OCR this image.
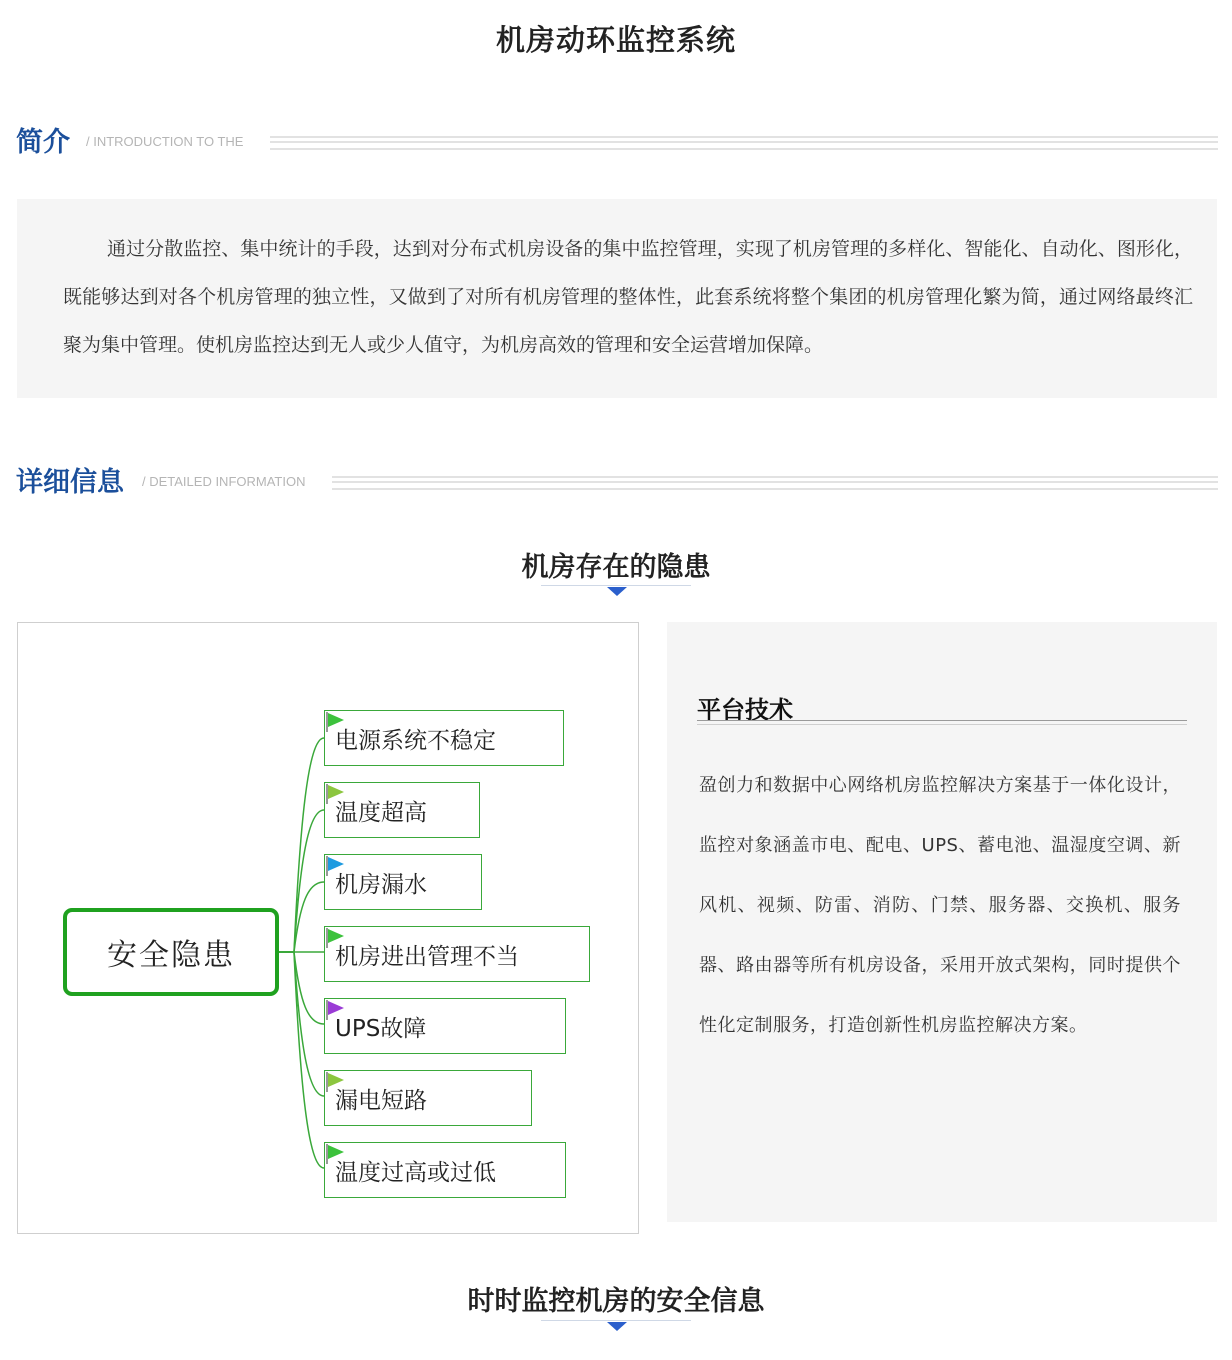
机房动环监控系统
简介 / INTRODUCTION TO THE

通过分散监控、集中统计的手段，达到对分布式机房设备的集中监控管理，实现了机房管理的多样化、智能化、自动化、图形化，既能够达到对各个机房管理的独立性，又做到了对所有机房管理的整体性，此套系统将整个集团的机房管理化繁为简，通过网络最终汇聚为集中管理。使机房监控达到无人或少人值守，为机房高效的管理和安全运营增加保障。

详细信息 / DETAILED INFORMATION
机房存在的隐患
安全隐患
电源系统不稳定
温度超高
机房漏水
机房进出管理不当
UPS故障
漏电短路
温度过高或过低
平台技术
盈创力和数据中心网络机房监控解决方案基于一体化设计，监控对象涵盖市电、配电、UPS、蓄电池、温湿度空调、新风机、视频、防雷、消防、门禁、服务器、交换机、服务器、路由器等所有机房设备，采用开放式架构，同时提供个性化定制服务，打造创新性机房监控解决方案。
时时监控机房的安全信息
